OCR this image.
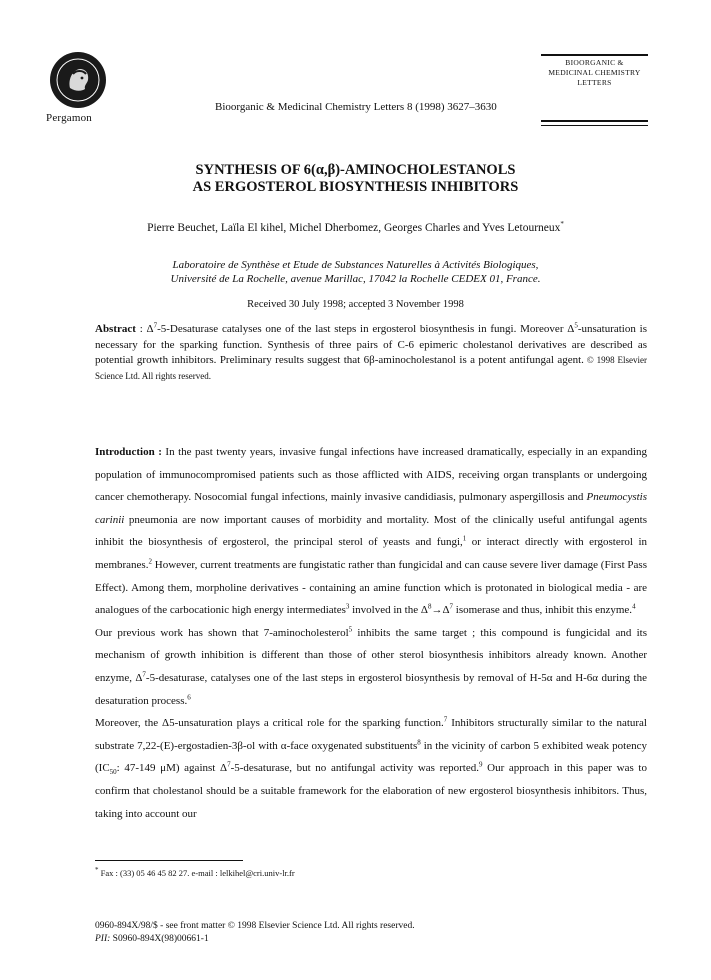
Pergamon
Bioorganic & Medicinal Chemistry Letters 8 (1998) 3627–3630
BIOORGANIC &
MEDICINAL CHEMISTRY
LETTERS
SYNTHESIS OF 6(α,β)-AMINOCHOLESTANOLS
AS ERGOSTEROL BIOSYNTHESIS INHIBITORS
Pierre Beuchet, Laïla El kihel, Michel Dherbomez, Georges Charles and Yves Letourneux*
Laboratoire de Synthèse et Etude de Substances Naturelles à Activités Biologiques,
Université de La Rochelle, avenue Marillac, 17042 la Rochelle CEDEX 01, France.
Received 30 July 1998; accepted 3 November 1998
Abstract : $\Delta^7-5$-Desaturase catalyses one of the last steps in ergosterol biosynthesis in fungi. Moreover $\Delta^5$-unsaturation is necessary for the sparking function. Synthesis of three pairs of C-6 epimeric cholestanol derivatives are described as potential growth inhibitors. Preliminary results suggest that 6β-aminocholestanol is a potent antifungal agent. © 1998 Elsevier Science Ltd. All rights reserved.

Introduction : In the past twenty years, invasive fungal infections have increased dramatically, especially in an expanding population of immunocompromised patients such as those afflicted with AIDS, receiving organ transplants or undergoing cancer chemotherapy. Nosocomial fungal infections, mainly invasive candidiasis, pulmonary aspergillosis and Pneumocystis carinii pneumonia are now important causes of morbidity and mortality. Most of the clinically useful antifungal agents inhibit the biosynthesis of ergosterol, the principal sterol of yeasts and fungi,$^1$ or interact directly with ergosterol in membranes.$^2$ However, current treatments are fungistatic rather than fungicidal and can cause severe liver damage (First Pass Effect). Among them, morpholine derivatives - containing an amine function which is protonated in biological media - are analogues of the carbocationic high energy intermediates$^3$ involved in the $\Delta^8\to\Delta^7$ isomerase and thus, inhibit this enzyme.$^4$

Our previous work has shown that 7-aminocholesterol$^5$ inhibits the same target ; this compound is fungicidal and its mechanism of growth inhibition is different than those of other sterol biosynthesis inhibitors already known. Another enzyme, $\Delta^7-5$-desaturase, catalyses one of the last steps in ergosterol biosynthesis by removal of H-5α and H-6α during the desaturation process.$^6$

Moreover, the Δ5-unsaturation plays a critical role for the sparking function.$^7$ Inhibitors structurally similar to the natural substrate 7,22-(E)-ergostadien-3β-ol with α-face oxygenated substituents$^8$ in the vicinity of carbon 5 exhibited weak potency ($IC_{50}$: 47-149 μM) against $\Delta^7-5$-desaturase, but no antifungal activity was reported.$^9$ Our approach in this paper was to confirm that cholestanol should be a suitable framework for the elaboration of new ergosterol biosynthesis inhibitors. Thus, taking into account our

* Fax : (33) 05 46 45 82 27. e-mail : lelkihel@cri.univ-lr.fr
0960-894X/98/$ - see front matter © 1998 Elsevier Science Ltd. All rights reserved.
PII: S0960-894X(98)00661-1
